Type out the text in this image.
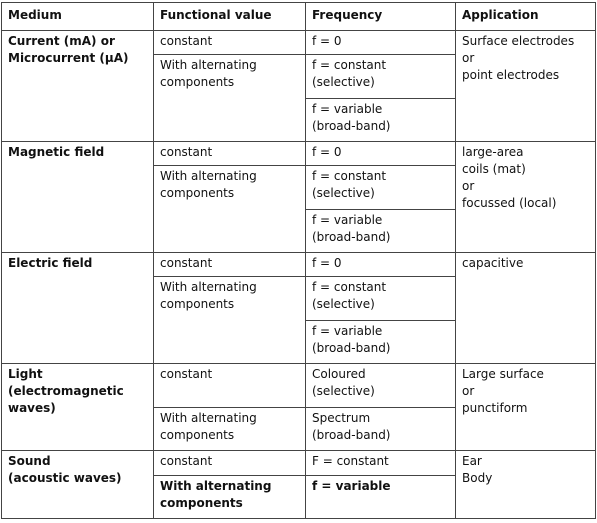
Medium	Functional value	Frequency	Application
Current (mA) or
Microcurrent (µA)	constant	f = 0	Surface electrodes
or
point electrodes
	With alternating
components	f = constant
(selective)	
		f = variable
(broad-band)	
Magnetic field	constant	f = 0	large-area
coils (mat)
or
focussed (local)
	With alternating
components	f = constant
(selective)	
		f = variable
(broad-band)	
Electric field	constant	f = 0	capacitive
	With alternating
components	f = constant
(selective)	
		f = variable
(broad-band)	
Light
(electromagnetic
waves)	constant	Coloured
(selective)	Large surface
or
punctiform
	With alternating
components	Spectrum
(broad-band)	
Sound
(acoustic waves)	constant	F = constant	Ear
Body
	With alternating
components	f = variable	
